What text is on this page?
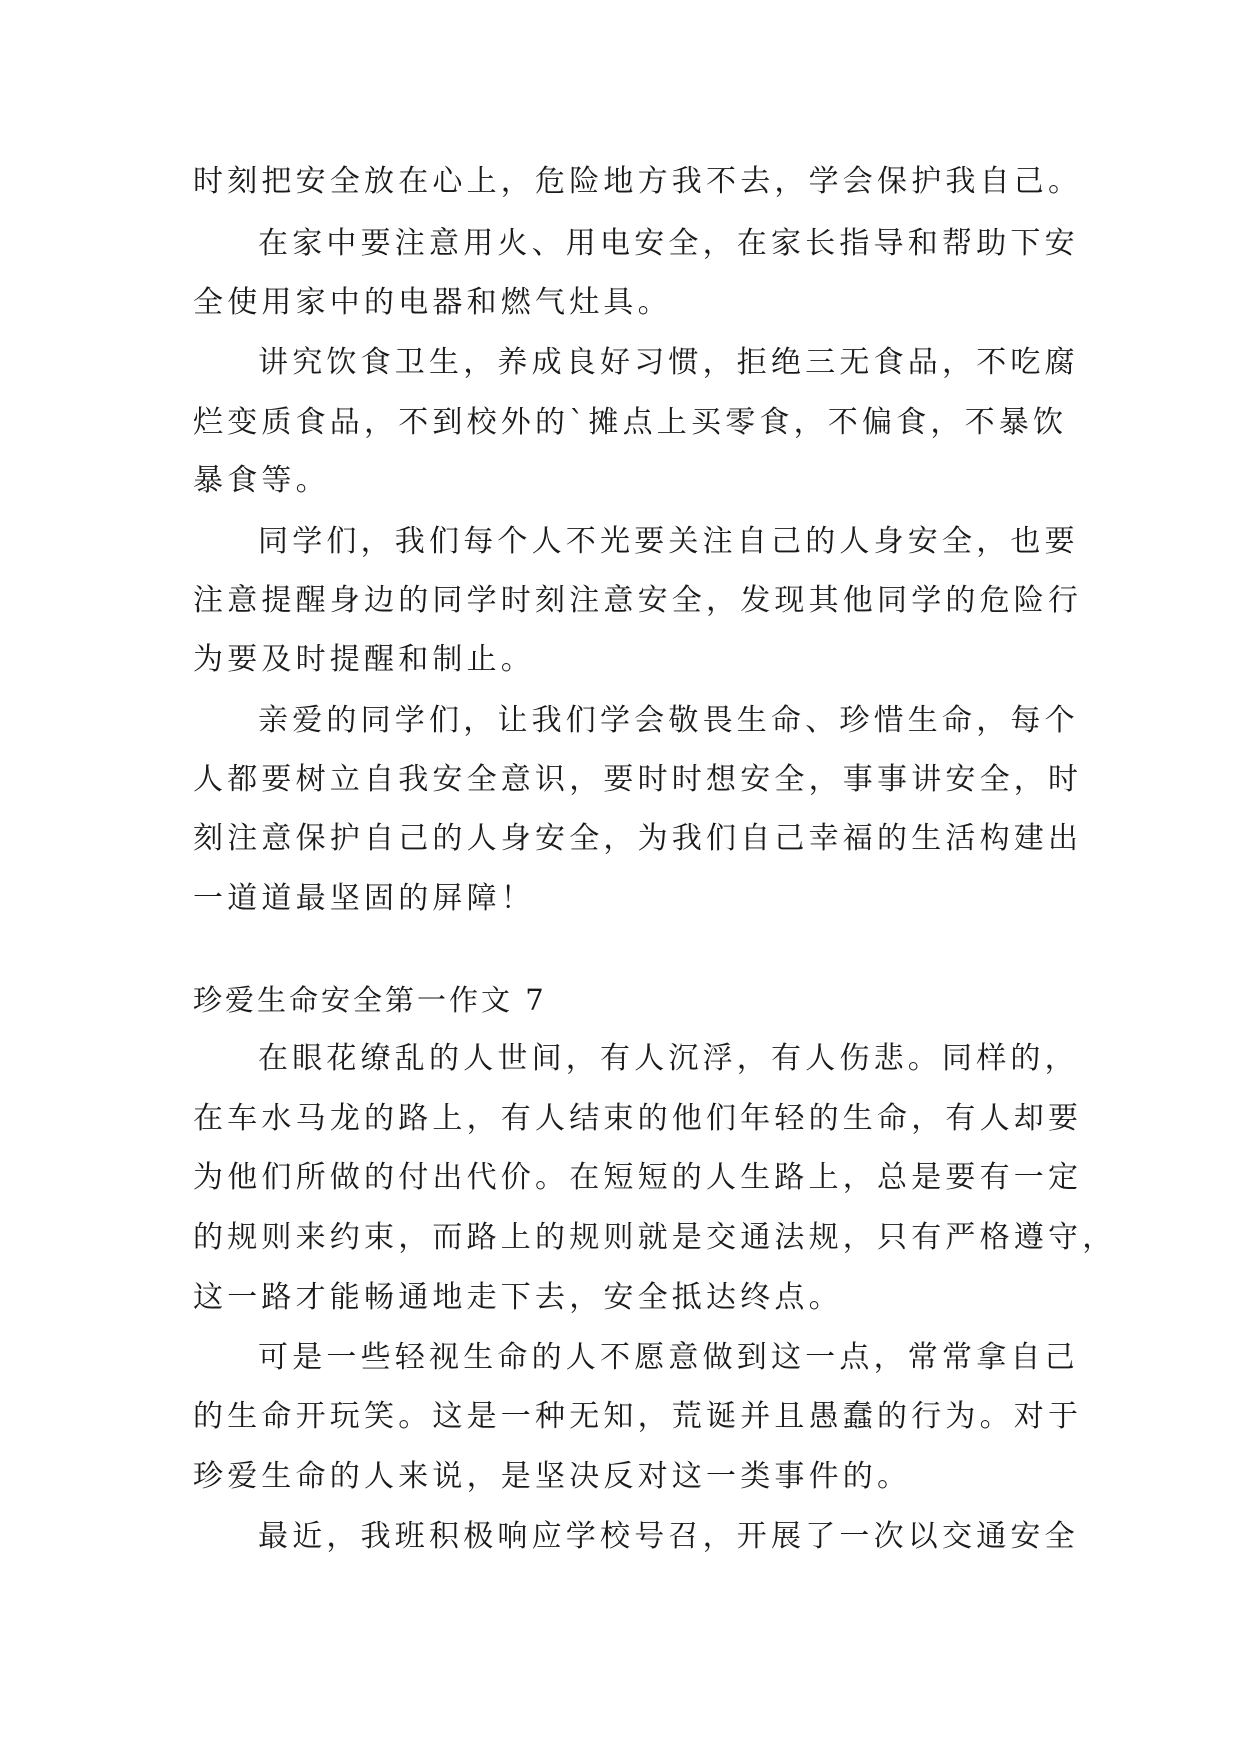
时刻把安全放在心上，危险地方我不去，学会保护我自己。
在家中要注意用火、用电安全，在家长指导和帮助下安
全使用家中的电器和燃气灶具。
讲究饮食卫生，养成良好习惯，拒绝三无食品，不吃腐
烂变质食品，不到校外的`摊点上买零食，不偏食，不暴饮
暴食等。
同学们，我们每个人不光要关注自己的人身安全，也要
注意提醒身边的同学时刻注意安全，发现其他同学的危险行
为要及时提醒和制止。
亲爱的同学们，让我们学会敬畏生命、珍惜生命，每个
人都要树立自我安全意识，要时时想安全，事事讲安全，时
刻注意保护自己的人身安全，为我们自己幸福的生活构建出
一道道最坚固的屏障！
珍爱生命安全第一作文 7
在眼花缭乱的人世间，有人沉浮，有人伤悲。同样的，
在车水马龙的路上，有人结束的他们年轻的生命，有人却要
为他们所做的付出代价。在短短的人生路上，总是要有一定
的规则来约束，而路上的规则就是交通法规，只有严格遵守，
这一路才能畅通地走下去，安全抵达终点。
可是一些轻视生命的人不愿意做到这一点，常常拿自己
的生命开玩笑。这是一种无知，荒诞并且愚蠢的行为。对于
珍爱生命的人来说，是坚决反对这一类事件的。
最近，我班积极响应学校号召，开展了一次以交通安全
